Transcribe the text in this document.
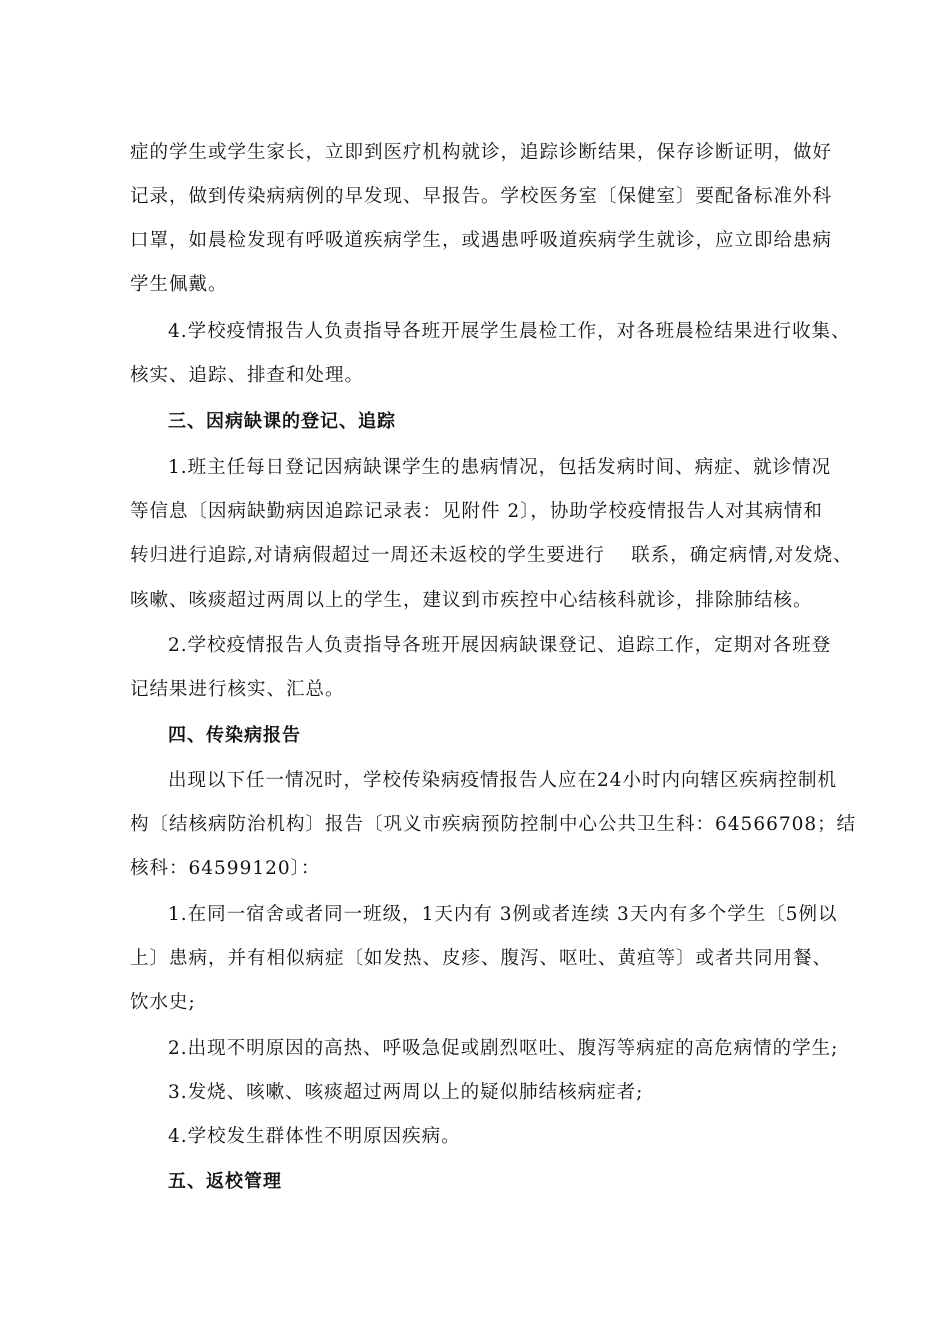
症的学生或学生家长，立即到医疗机构就诊，追踪诊断结果，保存诊断证明，做好
记录，做到传染病病例的早发现、早报告。学校医务室〔保健室〕要配备标准外科
口罩，如晨检发现有呼吸道疾病学生，或遇患呼吸道疾病学生就诊，应立即给患病
学生佩戴。
4.学校疫情报告人负责指导各班开展学生晨检工作，对各班晨检结果进行收集、
核实、追踪、排查和处理。
三、因病缺课的登记、追踪
1.班主任每日登记因病缺课学生的患病情况，包括发病时间、病症、就诊情况
等信息〔因病缺勤病因追踪记录表：见附件 2〕，协助学校疫情报告人对其病情和
转归进行追踪,对请病假超过一周还未返校的学生要进行　 联系，确定病情,对发烧、
咳嗽、咳痰超过两周以上的学生，建议到市疾控中心结核科就诊，排除肺结核。
2.学校疫情报告人负责指导各班开展因病缺课登记、追踪工作，定期对各班登
记结果进行核实、汇总。
四、传染病报告
出现以下任一情况时，学校传染病疫情报告人应在24小时内向辖区疾病控制机
构〔结核病防治机构〕报告〔巩义市疾病预防控制中心公共卫生科：64566708；结
核科：64599120〕：
1.在同一宿舍或者同一班级，1天内有 3例或者连续 3天内有多个学生〔5例以
上〕患病，并有相似病症〔如发热、皮疹、腹泻、呕吐、黄疸等〕或者共同用餐、
饮水史;
2.出现不明原因的高热、呼吸急促或剧烈呕吐、腹泻等病症的高危病情的学生;
3.发烧、咳嗽、咳痰超过两周以上的疑似肺结核病症者;
4.学校发生群体性不明原因疾病。
五、返校管理
